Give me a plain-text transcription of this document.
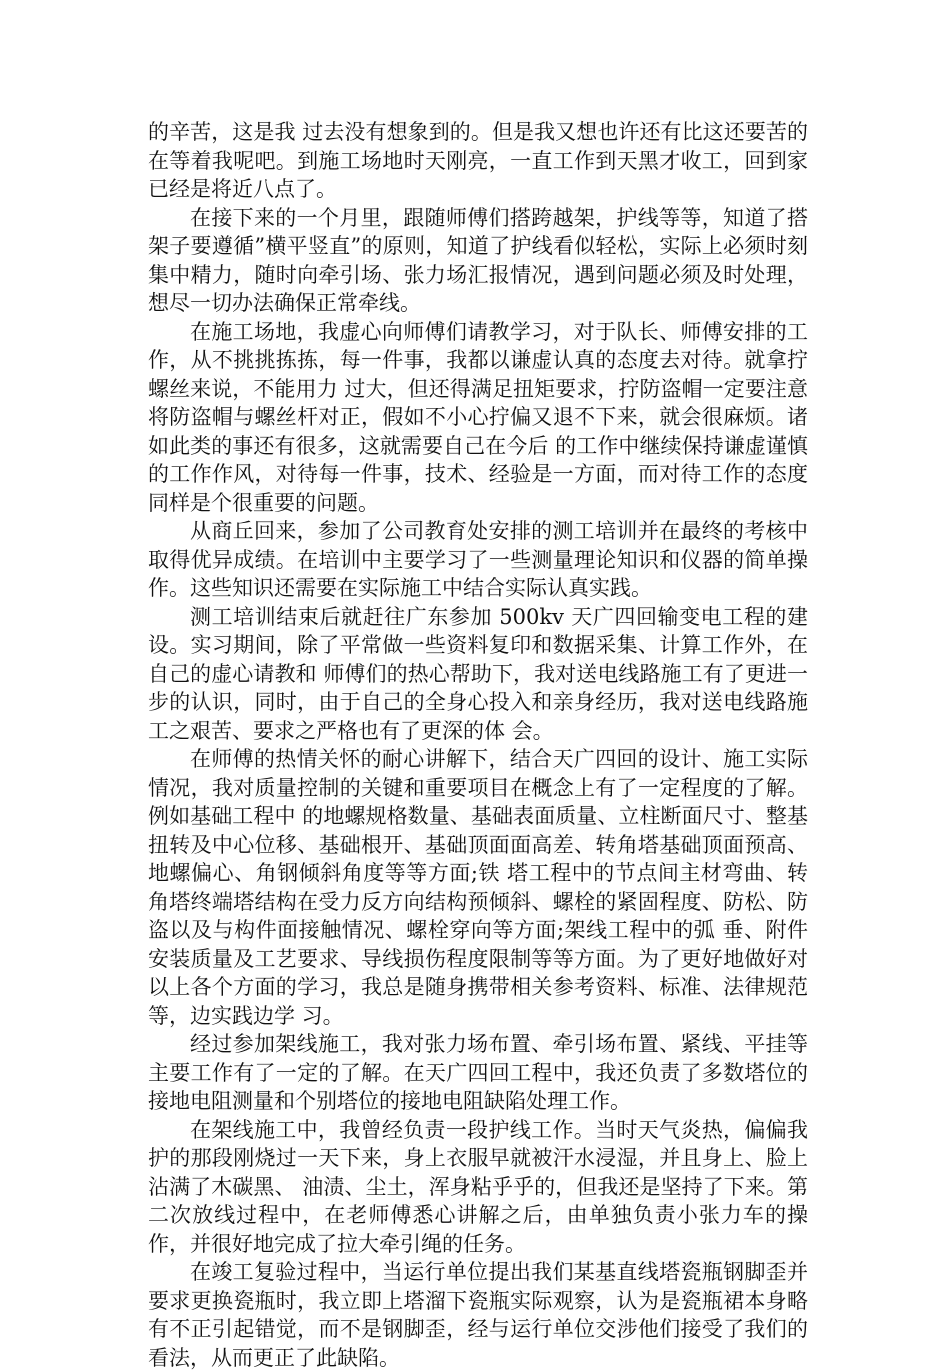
的辛苦，这是我 过去没有想象到的。但是我又想也许还有比这还要苦的在等着我呢吧。到施工场地时天刚亮，一直工作到天黑才收工，回到家已经是将近八点了。

在接下来的一个月里，跟随师傅们搭跨越架，护线等等，知道了搭架子要遵循”横平竖直”的原则，知道了护线看似轻松，实际上必须时刻集中精力，随时向牵引场、张力场汇报情况，遇到问题必须及时处理，想尽一切办法确保正常牵线。

在施工场地，我虚心向师傅们请教学习，对于队长、师傅安排的工作，从不挑挑拣拣，每一件事，我都以谦虚认真的态度去对待。就拿拧螺丝来说，不能用力 过大，但还得满足扭矩要求，拧防盗帽一定要注意将防盗帽与螺丝杆对正，假如不小心拧偏又退不下来，就会很麻烦。诸如此类的事还有很多，这就需要自己在今后 的工作中继续保持谦虚谨慎的工作作风，对待每一件事，技术、经验是一方面，而对待工作的态度同样是个很重要的问题。

从商丘回来，参加了公司教育处安排的测工培训并在最终的考核中取得优异成绩。在培训中主要学习了一些测量理论知识和仪器的简单操作。这些知识还需要在实际施工中结合实际认真实践。

测工培训结束后就赶往广东参加 500kv 天广四回输变电工程的建设。实习期间，除了平常做一些资料复印和数据采集、计算工作外，在自己的虚心请教和 师傅们的热心帮助下，我对送电线路施工有了更进一步的认识，同时，由于自己的全身心投入和亲身经历，我对送电线路施工之艰苦、要求之严格也有了更深的体 会。

在师傅的热情关怀的耐心讲解下，结合天广四回的设计、施工实际情况，我对质量控制的关键和重要项目在概念上有了一定程度的了解。例如基础工程中 的地螺规格数量、基础表面质量、立柱断面尺寸、整基扭转及中心位移、基础根开、基础顶面面高差、转角塔基础顶面预高、地螺偏心、角钢倾斜角度等等方面;铁 塔工程中的节点间主材弯曲、转角塔终端塔结构在受力反方向结构预倾斜、螺栓的紧固程度、防松、防盗以及与构件面接触情况、螺栓穿向等方面;架线工程中的弧 垂、附件安装质量及工艺要求、导线损伤程度限制等等方面。为了更好地做好对以上各个方面的学习，我总是随身携带相关参考资料、标准、法律规范等，边实践边学 习。

经过参加架线施工，我对张力场布置、牵引场布置、紧线、平挂等主要工作有了一定的了解。在天广四回工程中，我还负责了多数塔位的接地电阻测量和个别塔位的接地电阻缺陷处理工作。

在架线施工中，我曾经负责一段护线工作。当时天气炎热，偏偏我护的那段刚烧过一天下来，身上衣服早就被汗水浸湿，并且身上、脸上沾满了木碳黑、 油渍、尘土，浑身粘乎乎的，但我还是坚持了下来。第二次放线过程中，在老师傅悉心讲解之后，由单独负责小张力车的操作，并很好地完成了拉大牵引绳的任务。

在竣工复验过程中，当运行单位提出我们某基直线塔瓷瓶钢脚歪并要求更换瓷瓶时，我立即上塔溜下瓷瓶实际观察，认为是瓷瓶裙本身略有不正引起错觉，而不是钢脚歪，经与运行单位交涉他们接受了我们的看法，从而更正了此缺陷。
